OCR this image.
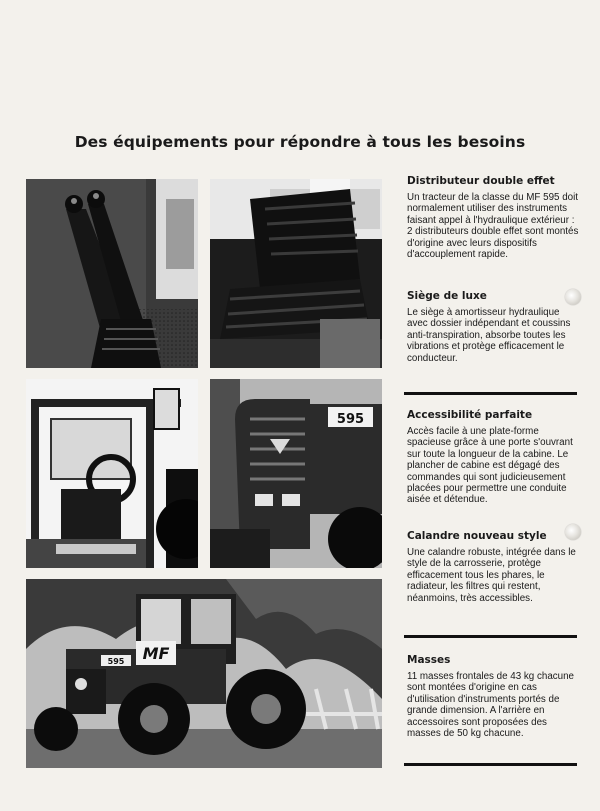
Des équipements pour répondre à tous les besoins
595
595 MF

Distributeur double effet

Un tracteur de la classe du MF 595 doit normalement utiliser des instruments faisant appel à l'hydraulique extérieur : 2 distributeurs double effet sont montés d'origine avec leurs dispositifs d'accouplement rapide.

Siège de luxe

Le siège à amortisseur hydraulique avec dossier indépendant et coussins anti-transpiration, absorbe toutes les vibrations et protège efficacement le conducteur.

Accessibilité parfaite

Accès facile à une plate-forme spacieuse grâce à une porte s'ouvrant sur toute la longueur de la cabine. Le plancher de cabine est dégagé des commandes qui sont judicieusement placées pour permettre une conduite aisée et détendue.

Calandre nouveau style

Une calandre robuste, intégrée dans le style de la carrosserie, protège efficacement tous les phares, le radiateur, les filtres qui restent, néanmoins, très accessibles.

Masses

11 masses frontales de 43 kg chacune sont montées d'origine en cas d'utilisation d'instruments portés de grande dimension. A l'arrière en accessoires sont proposées des masses de 50 kg chacune.
